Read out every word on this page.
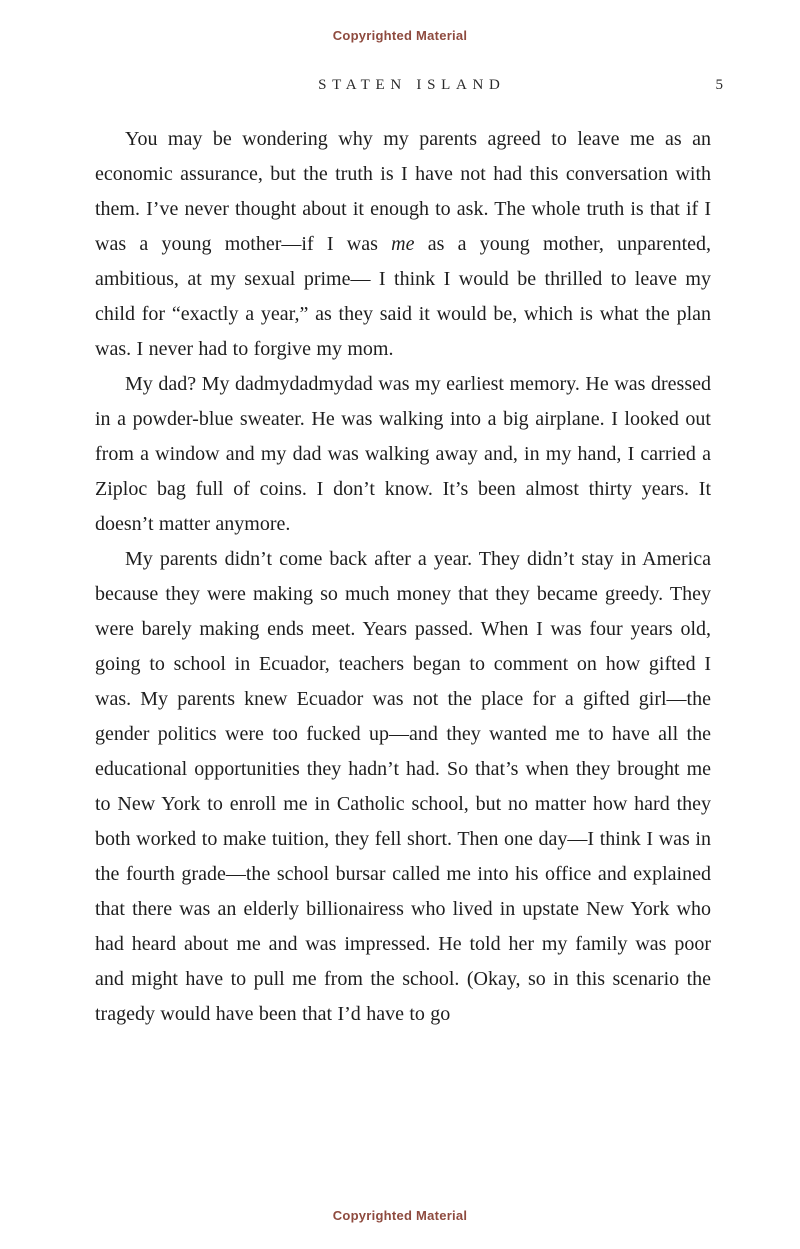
Copyrighted Material
STATEN ISLAND	5

You may be wondering why my parents agreed to leave me as an economic assurance, but the truth is I have not had this conversation with them. I’ve never thought about it enough to ask. The whole truth is that if I was a young mother—if I was me as a young mother, unparented, ambitious, at my sexual prime— I think I would be thrilled to leave my child for “exactly a year,” as they said it would be, which is what the plan was. I never had to forgive my mom.

My dad? My dadmydadmydad was my earliest memory. He was dressed in a powder-blue sweater. He was walking into a big airplane. I looked out from a window and my dad was walking away and, in my hand, I carried a Ziploc bag full of coins. I don’t know. It’s been almost thirty years. It doesn’t matter anymore.

My parents didn’t come back after a year. They didn’t stay in America because they were making so much money that they became greedy. They were barely making ends meet. Years passed. When I was four years old, going to school in Ecuador, teachers began to comment on how gifted I was. My parents knew Ecuador was not the place for a gifted girl—the gender politics were too fucked up—and they wanted me to have all the educational opportunities they hadn’t had. So that’s when they brought me to New York to enroll me in Catholic school, but no matter how hard they both worked to make tuition, they fell short. Then one day—I think I was in the fourth grade—the school bursar called me into his office and explained that there was an elderly billionairess who lived in upstate New York who had heard about me and was impressed. He told her my family was poor and might have to pull me from the school. (Okay, so in this scenario the tragedy would have been that I’d have to go

Copyrighted Material
